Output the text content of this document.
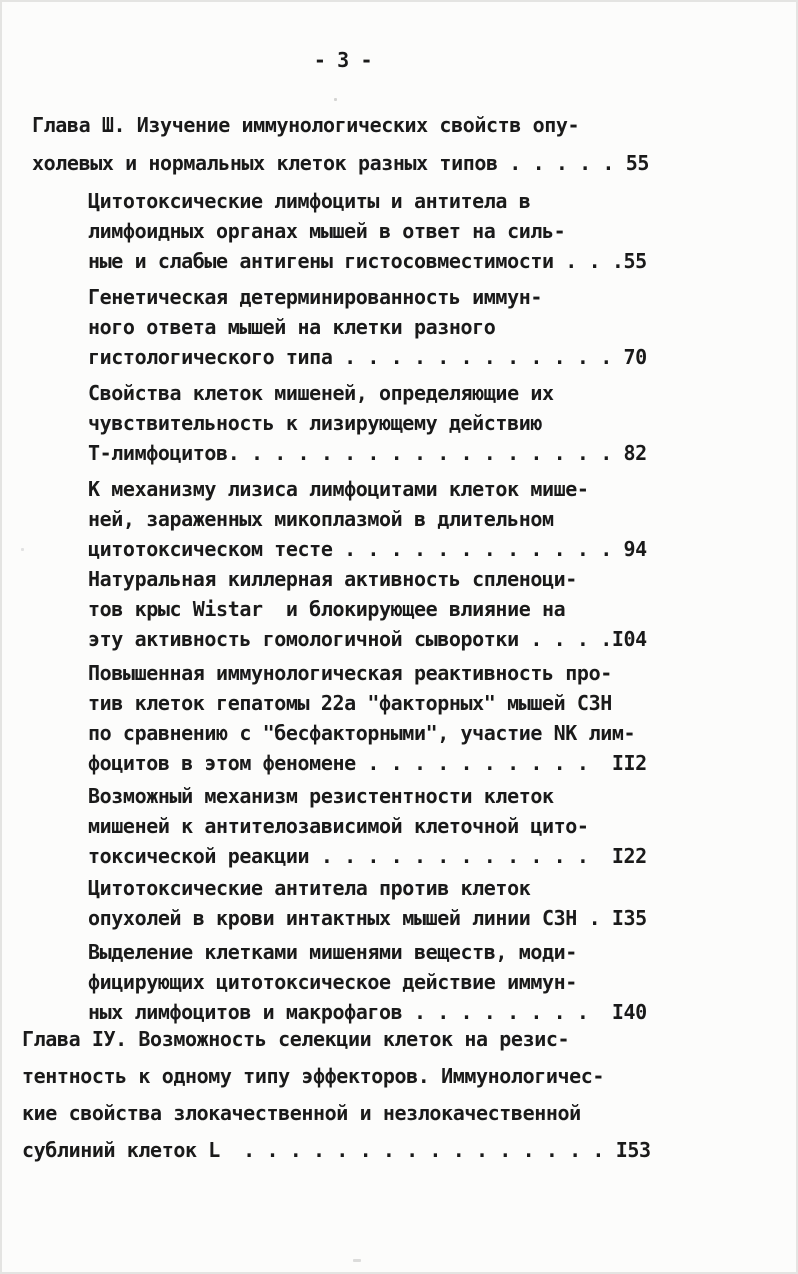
- 3 -
Глава Ш. Изучение иммунологических свойств опу-
холевых и нормальных клеток разных типов . . . . . 55
Цитотоксические лимфоциты и антитела в
лимфоидных органах мышей в ответ на силь-
ные и слабые антигены гистосовместимости . . .55
Генетическая детерминированность иммун-
ного ответа мышей на клетки разного
гистологического типа . . . . . . . . . . . . 70
Свойства клеток мишеней, определяющие их
чувствительность к лизирующему действию
Т-лимфоцитов. . . . . . . . . . . . . . . . . 82
К механизму лизиса лимфоцитами клеток мише-
ней, зараженных микоплазмой в длительном
цитотоксическом тесте . . . . . . . . . . . . 94
Натуральная киллерная активность спленоци-
тов крыс Wistar  и блокирующее влияние на
эту активность гомологичной сыворотки . . . .I04
Повышенная иммунологическая реактивность про-
тив клеток гепатомы 22а "факторных" мышей СЗН
по сравнению с "бесфакторными", участие NK лим-
фоцитов в этом феномене . . . . . . . . . .  II2
Возможный механизм резистентности клеток
мишеней к антителозависимой клеточной цито-
токсической реакции . . . . . . . . . . . .  I22
Цитотоксические антитела против клеток
опухолей в крови интактных мышей линии СЗН . I35
Выделение клетками мишенями веществ, моди-
фицирующих цитотоксическое действие иммун-
ных лимфоцитов и макрофагов . . . . . . . .  I40
Глава IУ. Возможность селекции клеток на резис-
тентность к одному типу эффекторов. Иммунологичес-
кие свойства злокачественной и незлокачественной
сублиний клеток L  . . . . . . . . . . . . . . . . I53
